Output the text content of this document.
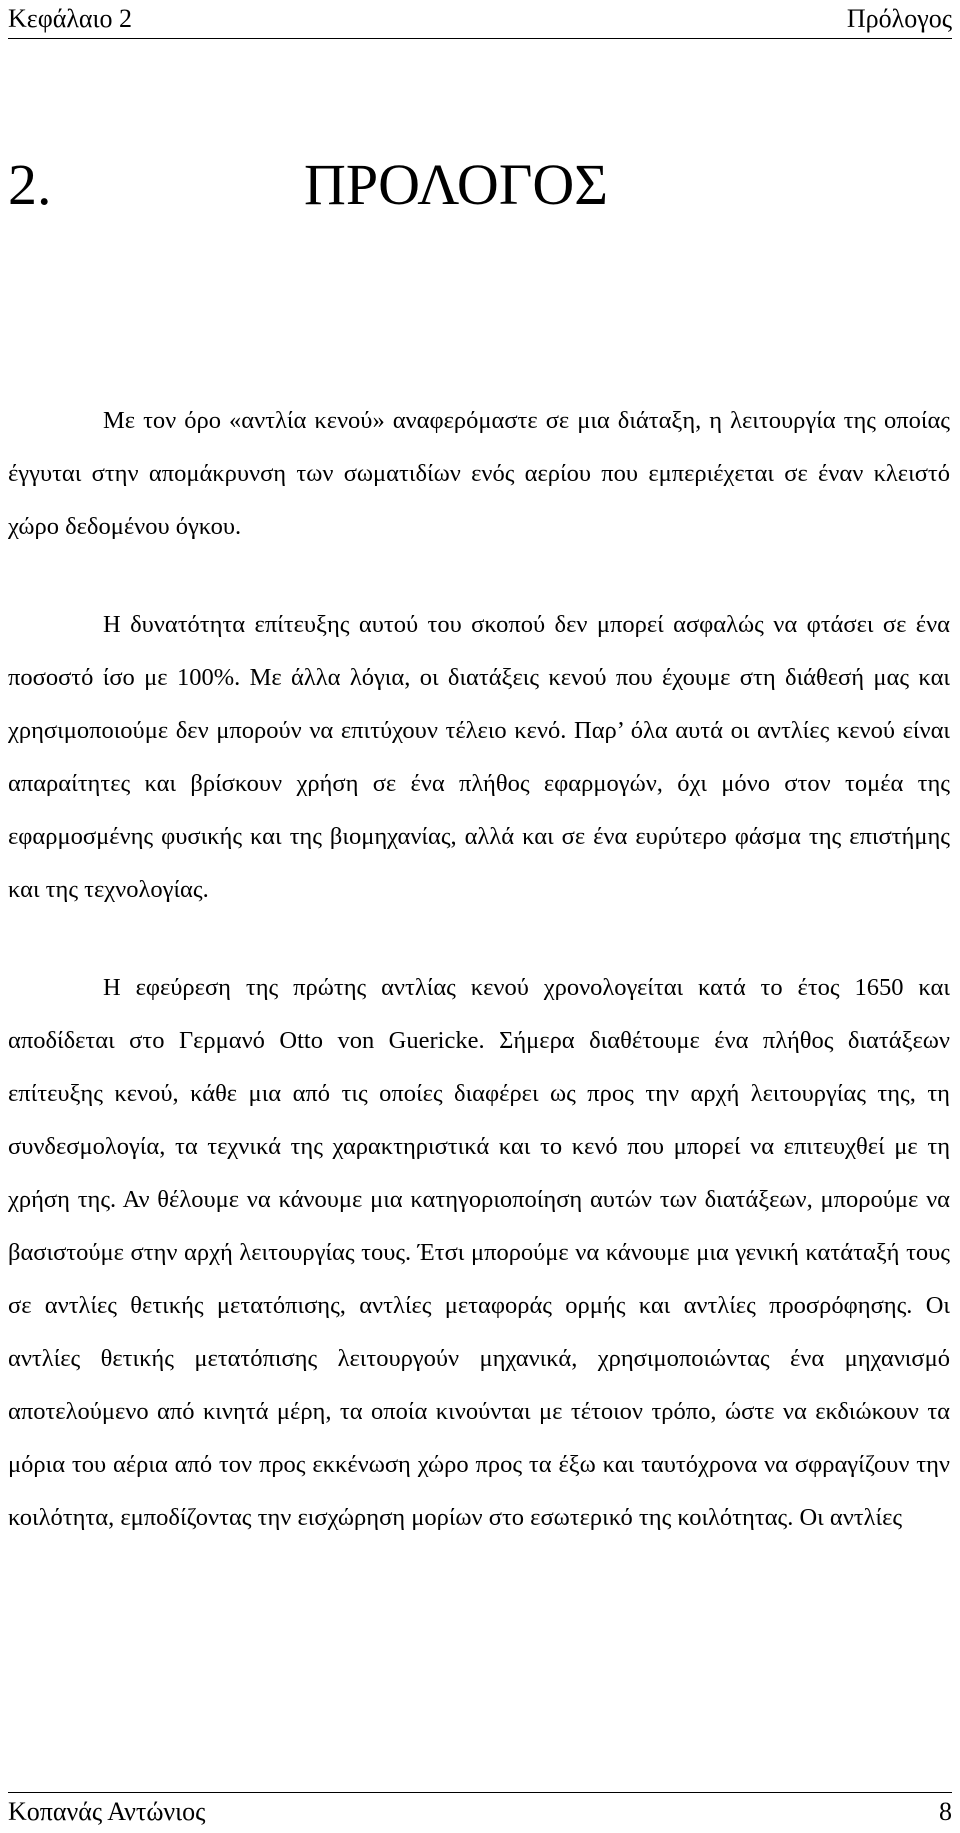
Κεφάλαιο 2	Πρόλογος
2.	ΠΡΟΛΟΓΟΣ

Με τον όρο «αντλία κενού» αναφερόμαστε σε μια διάταξη, η λειτουργία της οποίας έγγυται στην απομάκρυνση των σωματιδίων ενός αερίου που εμπεριέχεται σε έναν κλειστό χώρο δεδομένου όγκου.

Η δυνατότητα επίτευξης αυτού του σκοπού δεν μπορεί ασφαλώς να φτάσει σε ένα ποσοστό ίσο με 100%. Με άλλα λόγια, οι διατάξεις κενού που έχουμε στη διάθεσή μας και χρησιμοποιούμε δεν μπορούν να επιτύχουν τέλειο κενό. Παρ’ όλα αυτά οι αντλίες κενού είναι απαραίτητες και βρίσκουν χρήση σε ένα πλήθος εφαρμογών, όχι μόνο στον τομέα της εφαρμοσμένης φυσικής και της βιομηχανίας, αλλά και σε ένα ευρύτερο φάσμα της επιστήμης και της τεχνολογίας.

Η εφεύρεση της πρώτης αντλίας κενού χρονολογείται κατά το έτος 1650 και αποδίδεται στο Γερμανό Otto von Guericke. Σήμερα διαθέτουμε ένα πλήθος διατάξεων επίτευξης κενού, κάθε μια από τις οποίες διαφέρει ως προς την αρχή λειτουργίας της, τη συνδεσμολογία, τα τεχνικά της χαρακτηριστικά και το κενό που μπορεί να επιτευχθεί με τη χρήση της. Αν θέλουμε να κάνουμε μια κατηγοριοποίηση αυτών των διατάξεων, μπορούμε να βασιστούμε στην αρχή λειτουργίας τους. Έτσι μπορούμε να κάνουμε μια γενική κατάταξή τους σε αντλίες θετικής μετατόπισης, αντλίες μεταφοράς ορμής και αντλίες προσρόφησης. Οι αντλίες θετικής μετατόπισης λειτουργούν μηχανικά, χρησιμοποιώντας ένα μηχανισμό αποτελούμενο από κινητά μέρη, τα οποία κινούνται με τέτοιον τρόπο, ώστε να εκδιώκουν τα μόρια του αέρια από τον προς εκκένωση χώρο προς τα έξω και ταυτόχρονα να σφραγίζουν την κοιλότητα, εμποδίζοντας την εισχώρηση μορίων στο εσωτερικό της κοιλότητας. Οι αντλίες

Κοπανάς Αντώνιος	8
